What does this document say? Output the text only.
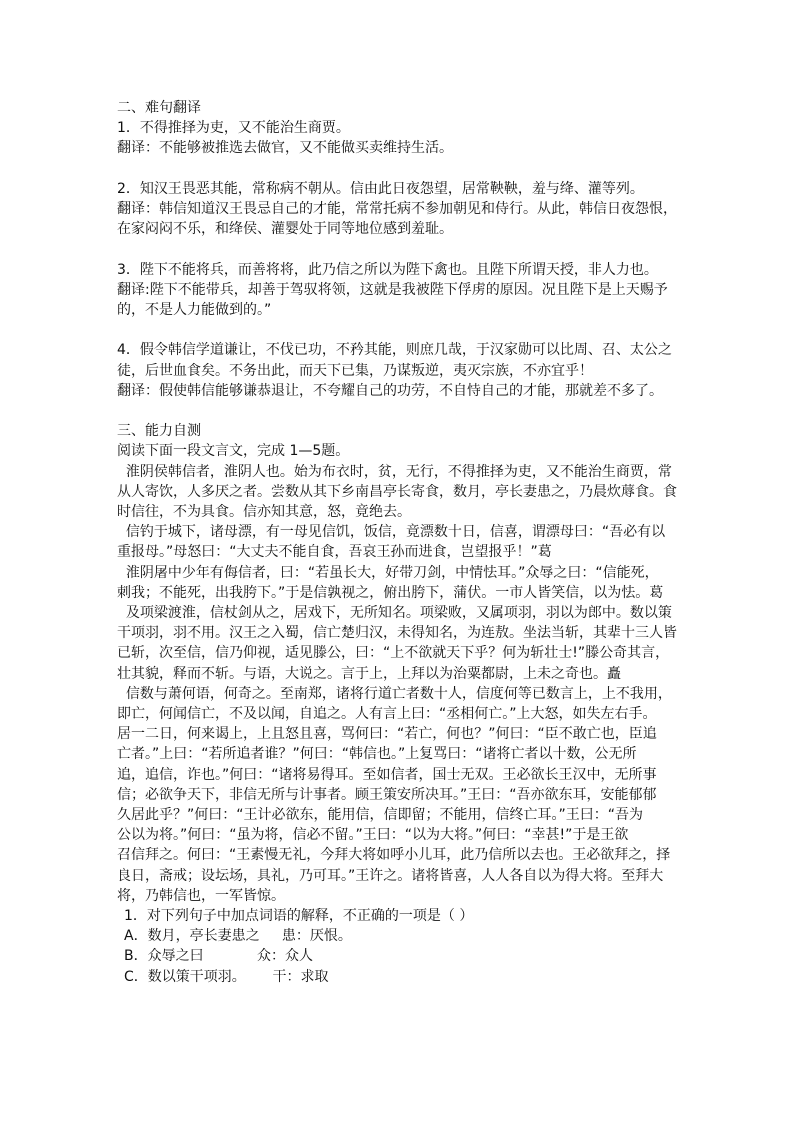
二、难句翻译
1．不得推择为吏，又不能治生商贾。
翻译：不能够被推选去做官，又不能做买卖维持生活。
2．知汉王畏恶其能，常称病不朝从。信由此日夜怨望，居常鞅鞅，羞与绛、灌等列。
翻译：韩信知道汉王畏忌自己的才能，常常托病不参加朝见和侍行。从此，韩信日夜怨恨，
在家闷闷不乐，和绛侯、灌婴处于同等地位感到羞耻。
3．陛下不能将兵，而善将将，此乃信之所以为陛下禽也。且陛下所谓天授，非人力也。
翻译:陛下不能带兵，却善于驾驭将领，这就是我被陛下俘虏的原因。况且陛下是上天赐予
的，不是人力能做到的。”
4．假令韩信学道谦让，不伐已功，不矜其能，则庶几哉，于汉家勋可以比周、召、太公之
徒，后世血食矣。不务出此，而天下已集，乃谋叛逆，夷灭宗族，不亦宜乎！
翻译：假使韩信能够谦恭退让，不夸耀自己的功劳，不自恃自己的才能，那就差不多了。
三、能力自测
阅读下面一段文言文，完成 1—5题。
淮阴侯韩信者，淮阴人也。始为布衣时，贫，无行，不得推择为吏，又不能治生商贾，常
从人寄饮，人多厌之者。尝数从其下乡南昌亭长寄食，数月，亭长妻患之，乃晨炊蓐食。食
时信往，不为具食。信亦知其意，怒，竟绝去。
信钓于城下，诸母漂，有一母见信饥，饭信，竟漂数十日，信喜，谓漂母曰：“吾必有以
重报母。”母怒曰：“大丈夫不能自食，吾哀王孙而进食，岂望报乎！”葛
淮阴屠中少年有侮信者，曰：“若虽长大，好带刀剑，中情怯耳。”众辱之曰：“信能死，
刺我；不能死，出我胯下。”于是信孰视之，俯出胯下，蒲伏。一市人皆笑信，以为怯。葛
及项梁渡淮，信杖剑从之，居戏下，无所知名。项梁败，又属项羽，羽以为郎中。数以策
干项羽，羽不用。汉王之入蜀，信亡楚归汉，未得知名，为连敖。坐法当斩，其辈十三人皆
已斩，次至信，信乃仰视，适见滕公，曰：“上不欲就天下乎？何为斩壮士!”滕公奇其言，
壮其貌，释而不斩。与语，大说之。言于上，上拜以为治粟都尉，上未之奇也。矗
信数与萧何语，何奇之。至南郑，诸将行道亡者数十人，信度何等已数言上，上不我用，
即亡，何闻信亡，不及以闻，自追之。人有言上曰：“丞相何亡。”上大怒，如失左右手。
居一二日，何来谒上，上且怒且喜，骂何曰：“若亡，何也？”何曰：“臣不敢亡也，臣追
亡者。”上曰：“若所追者谁？”何曰：“韩信也。”上复骂曰：“诸将亡者以十数，公无所
追，追信，诈也。”何曰：“诸将易得耳。至如信者，国士无双。王必欲长王汉中，无所事
信；必欲争天下，非信无所与计事者。顾王策安所决耳。”王曰：“吾亦欲东耳，安能郁郁
久居此乎？”何曰：“王计必欲东，能用信，信即留；不能用，信终亡耳。”王曰：“吾为
公以为将。”何曰：“虽为将，信必不留。”王曰：“以为大将。”何曰：“幸甚!”于是王欲
召信拜之。何曰：“王素慢无礼，今拜大将如呼小儿耳，此乃信所以去也。王必欲拜之，择
良日，斋戒；设坛场，具礼，乃可耳。”王许之。诸将皆喜，人人各自以为得大将。至拜大
将，乃韩信也，一军皆惊。
1．对下列句子中加点词语的解释，不正确的一项是（ ）
A．数月，亭长妻患之     患：厌恨。
B．众辱之曰            众：众人
C．数以策干项羽。      干：求取
